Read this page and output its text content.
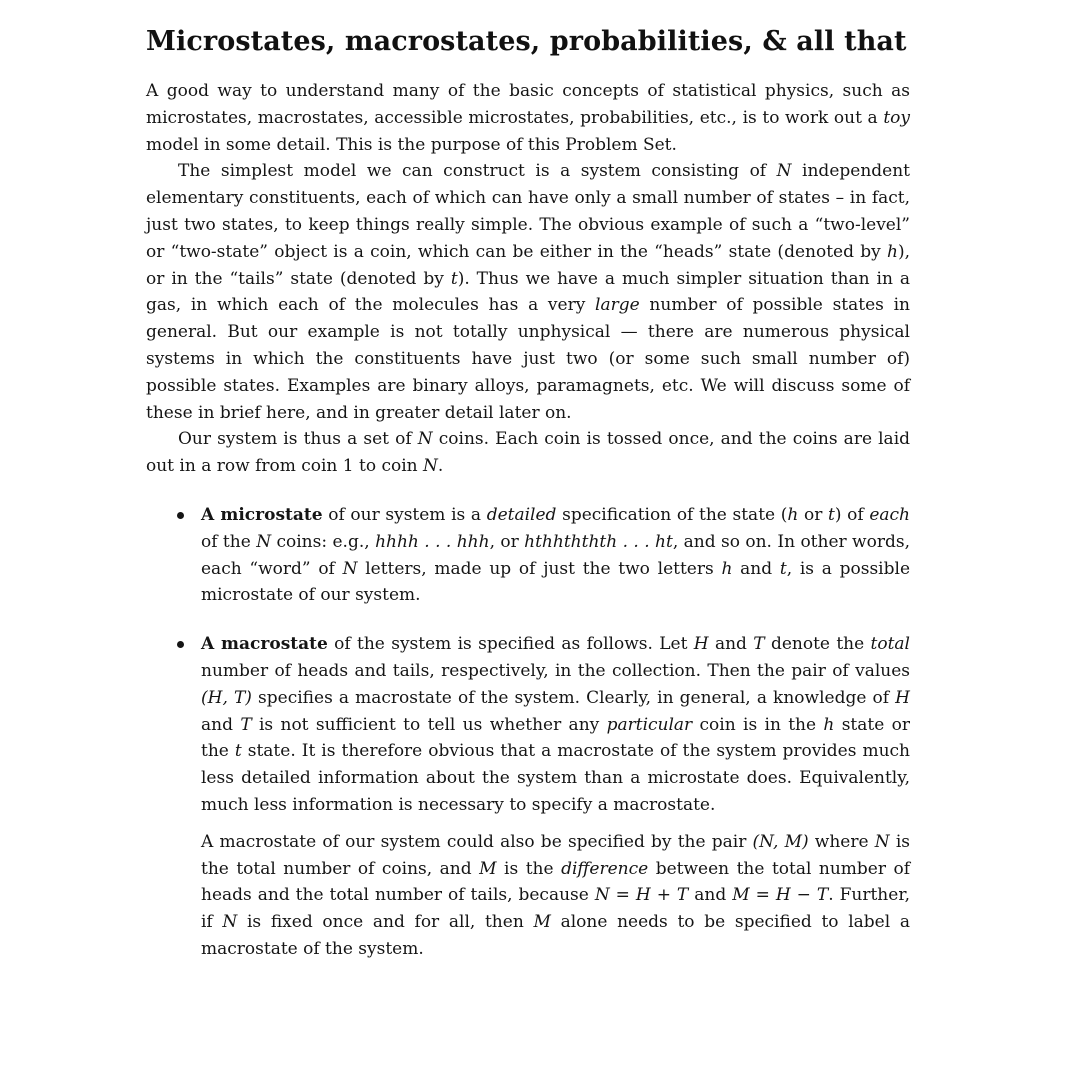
Microstates, macrostates, probabilities, & all that

A good way to understand many of the basic concepts of statistical physics, such as microstates, macrostates, accessible microstates, probabilities, etc., is to work out a toy model in some detail. This is the purpose of this Problem Set.

The simplest model we can construct is a system consisting of N independent elementary constituents, each of which can have only a small number of states – in fact, just two states, to keep things really simple. The obvious example of such a “two-level” or “two-state” object is a coin, which can be either in the “heads” state (denoted by h), or in the “tails” state (denoted by t). Thus we have a much simpler situation than in a gas, in which each of the molecules has a very large number of possible states in general. But our example is not totally unphysical — there are numerous physical systems in which the constituents have just two (or some such small number of) possible states. Examples are binary alloys, paramagnets, etc. We will discuss some of these in brief here, and in greater detail later on.

Our system is thus a set of N coins. Each coin is tossed once, and the coins are laid out in a row from coin 1 to coin N.

A microstate of our system is a detailed specification of the state (h or t) of each of the N coins: e.g., hhhh . . . hhh, or hthhththth . . . ht, and so on. In other words, each “word” of N letters, made up of just the two letters h and t, is a possible microstate of our system.

A macrostate of the system is specified as follows. Let H and T denote the total number of heads and tails, respectively, in the collection. Then the pair of values (H, T) specifies a macrostate of the system. Clearly, in general, a knowledge of H and T is not sufficient to tell us whether any particular coin is in the h state or the t state. It is therefore obvious that a macrostate of the system provides much less detailed information about the system than a microstate does. Equivalently, much less information is necessary to specify a macrostate.

A macrostate of our system could also be specified by the pair (N, M) where N is the total number of coins, and M is the difference between the total number of heads and the total number of tails, because N = H + T and M = H − T. Further, if N is fixed once and for all, then M alone needs to be specified to label a macrostate of the system.
